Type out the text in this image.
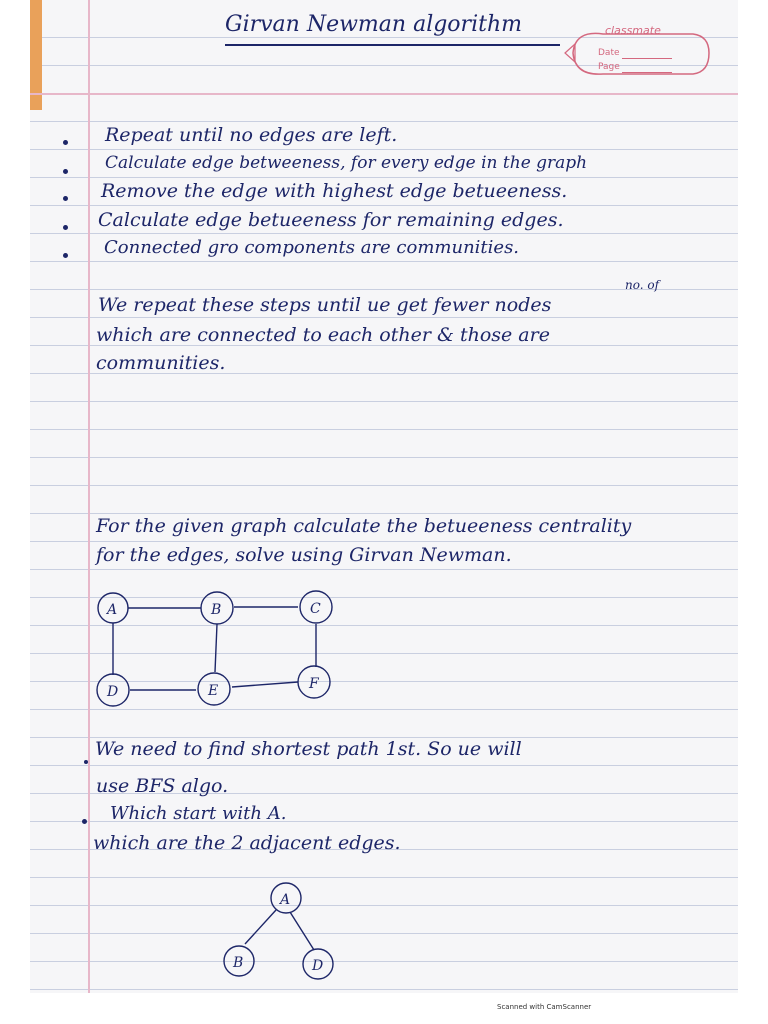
Girvan Newman algorithm	classmate
Date
Page
Repeat until no edges are left.
Calculate edge betweeness, for every edge in the graph
Remove the edge with highest edge betueeness.
Calculate edge betueeness for remaining edges.
Connected gro components are communities.
no. of
We repeat these steps until ue get fewer nodes
which are connected to each other & those are
communities.
For the given graph calculate the betueeness centrality
for the edges, solve using Girvan Newman.
A	B	C
D	E	F
A
B	D
We need to find shortest path 1st. So ue will
use BFS algo.
Which start with A.
which are the 2 adjacent edges.
Scanned with CamScanner
